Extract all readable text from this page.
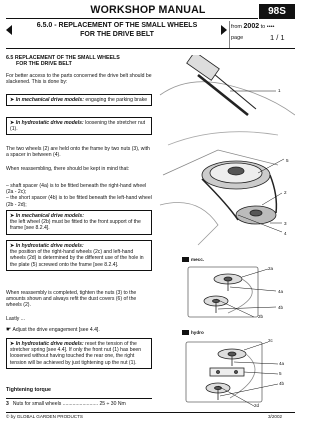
WORKSHOP MANUAL	98S
6.5.0 - REPLACEMENT OF THE SMALL WHEELS
FOR THE DRIVE BELT
from 2002 to ••••
page	1 / 1
6.5 REPLACEMENT OF THE SMALL WHEELS
FOR THE DRIVE BELT
For better access to the parts concerned the drive belt should be slackened. This is done by:
➤ In mechanical drive models: engaging the parking brake
➤ In hydrostatic drive models: loosening the stretcher nut (1).
The two wheels (2) are held onto the frame by two nuts (3), with a spacer in between (4).
When reassembling, there should be kept in mind that:
– shaft spacer (4a) is to be fitted beneath the right-hand wheel (2a - 2c);
– the short spacer (4b) is to be fitted beneath the left-hand wheel (2b - 2d);
➤ In mechanical drive models:
the left wheel (2b) must be fitted to the front support of the frame [see 8.2.4].
➤ In hydrostatic drive models:
the position of the right-hand wheels (2c) and left-hand wheels (2d) is determined by the different use of the hole in the plate (5) screwed onto the frame [see 8.2.4].
When reassembly is completed, tighten the nuts (3) to the amounts shown and always refit the dust covers (6) of the wheels (2).
Lastly ...
☛ Adjust the drive engagement [see 4.4].
➤ In hydrostatic drive models: reset the tension of the stretcher spring [see 4.4]. If only the front nut (1) has been loosened without having touched the rear one, the right tension will be achieved by just tightening up the nut (1).
Tightening torque
3 Nuts for small wheels ......................... 25 ÷ 30 Nm
1
5
2
3
4
mecc.
2a
4a
4b
2b
hydro
2c
4a
5
4b
2d
© by GLOBAL GARDEN PRODUCTS	3/2002
